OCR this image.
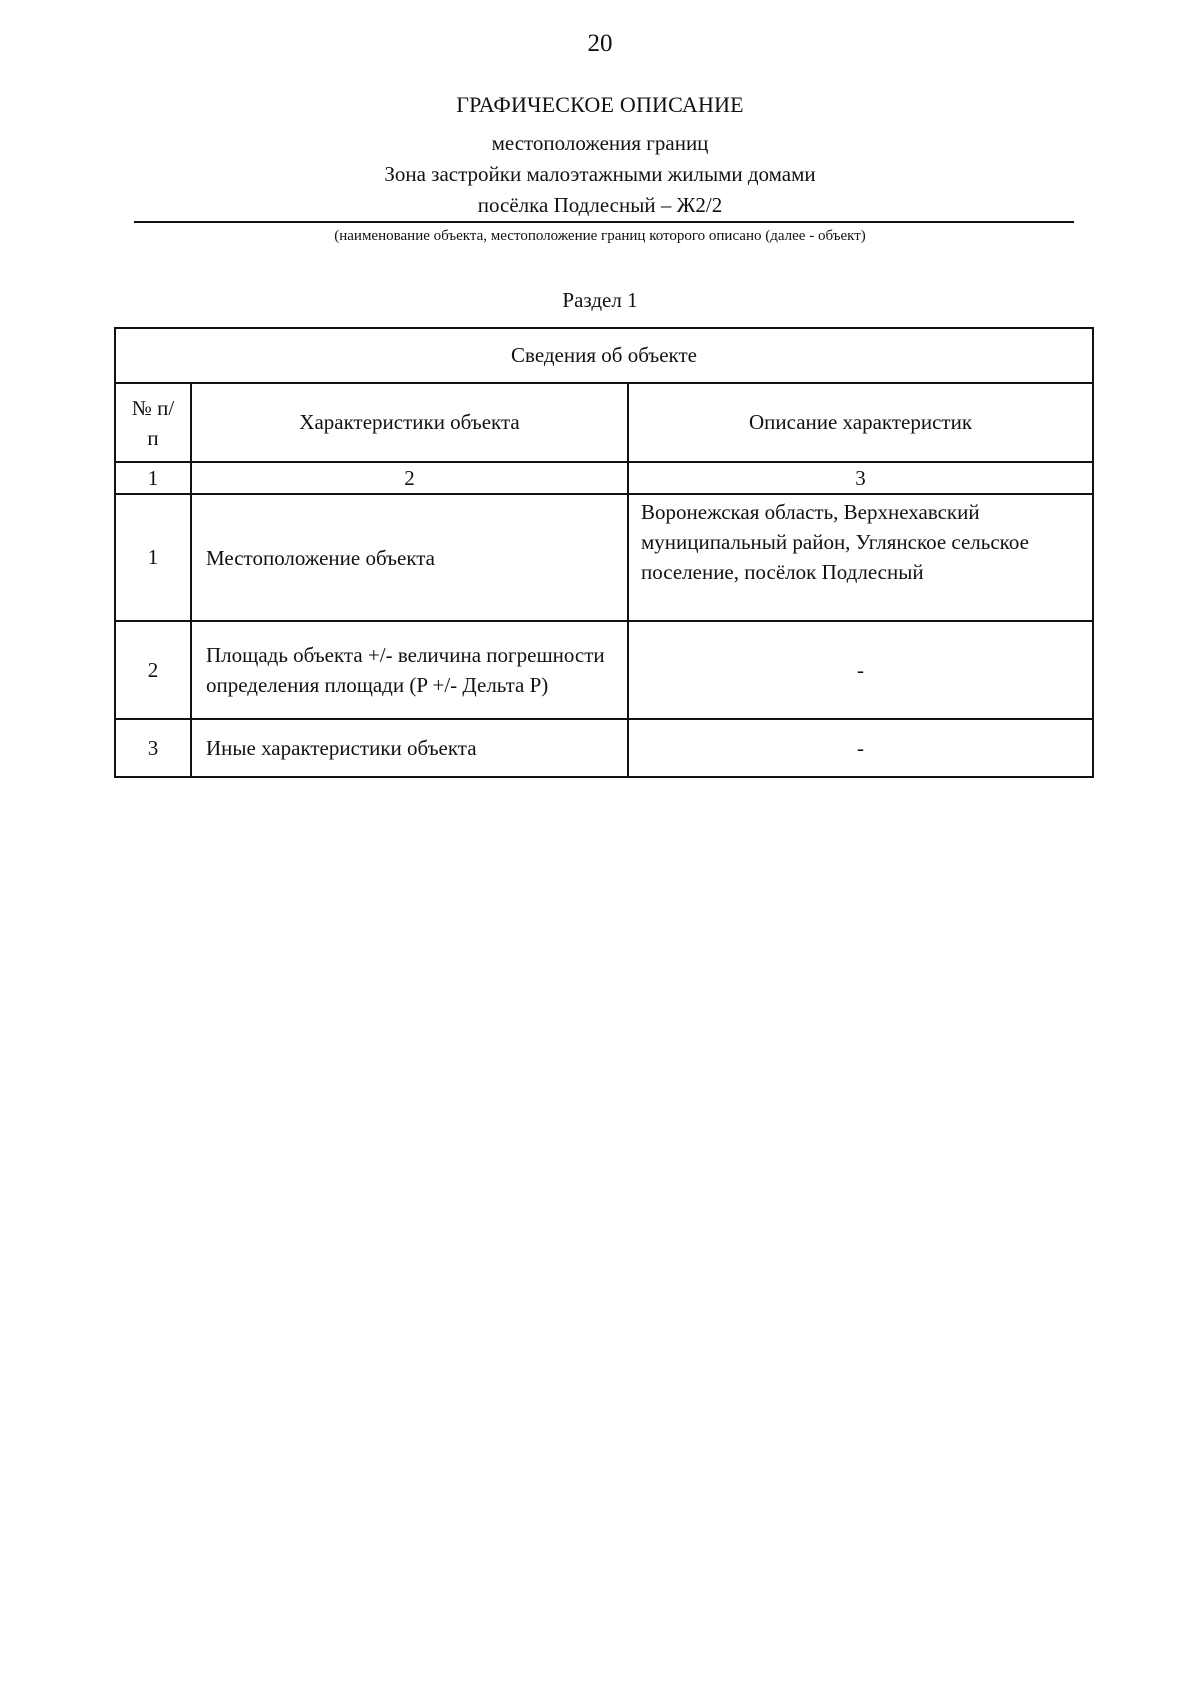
20
ГРАФИЧЕСКОЕ ОПИСАНИЕ
местоположения границ
Зона застройки малоэтажными жилыми домами
посёлка Подлесный – Ж2/2
(наименование объекта, местоположение границ которого описано (далее - объект)
Раздел 1
Сведения об объекте		
№ п/п	Характеристики объекта	Описание характеристик
1	2	3
1	Местоположение объекта	Воронежская область, Верхнехавский муниципальный район, Углянское сельское поселение, посёлок Подлесный
2	Площадь объекта +/- величина погрешности определения площади (P +/- Дельта P)	-
3	Иные характеристики объекта	-
